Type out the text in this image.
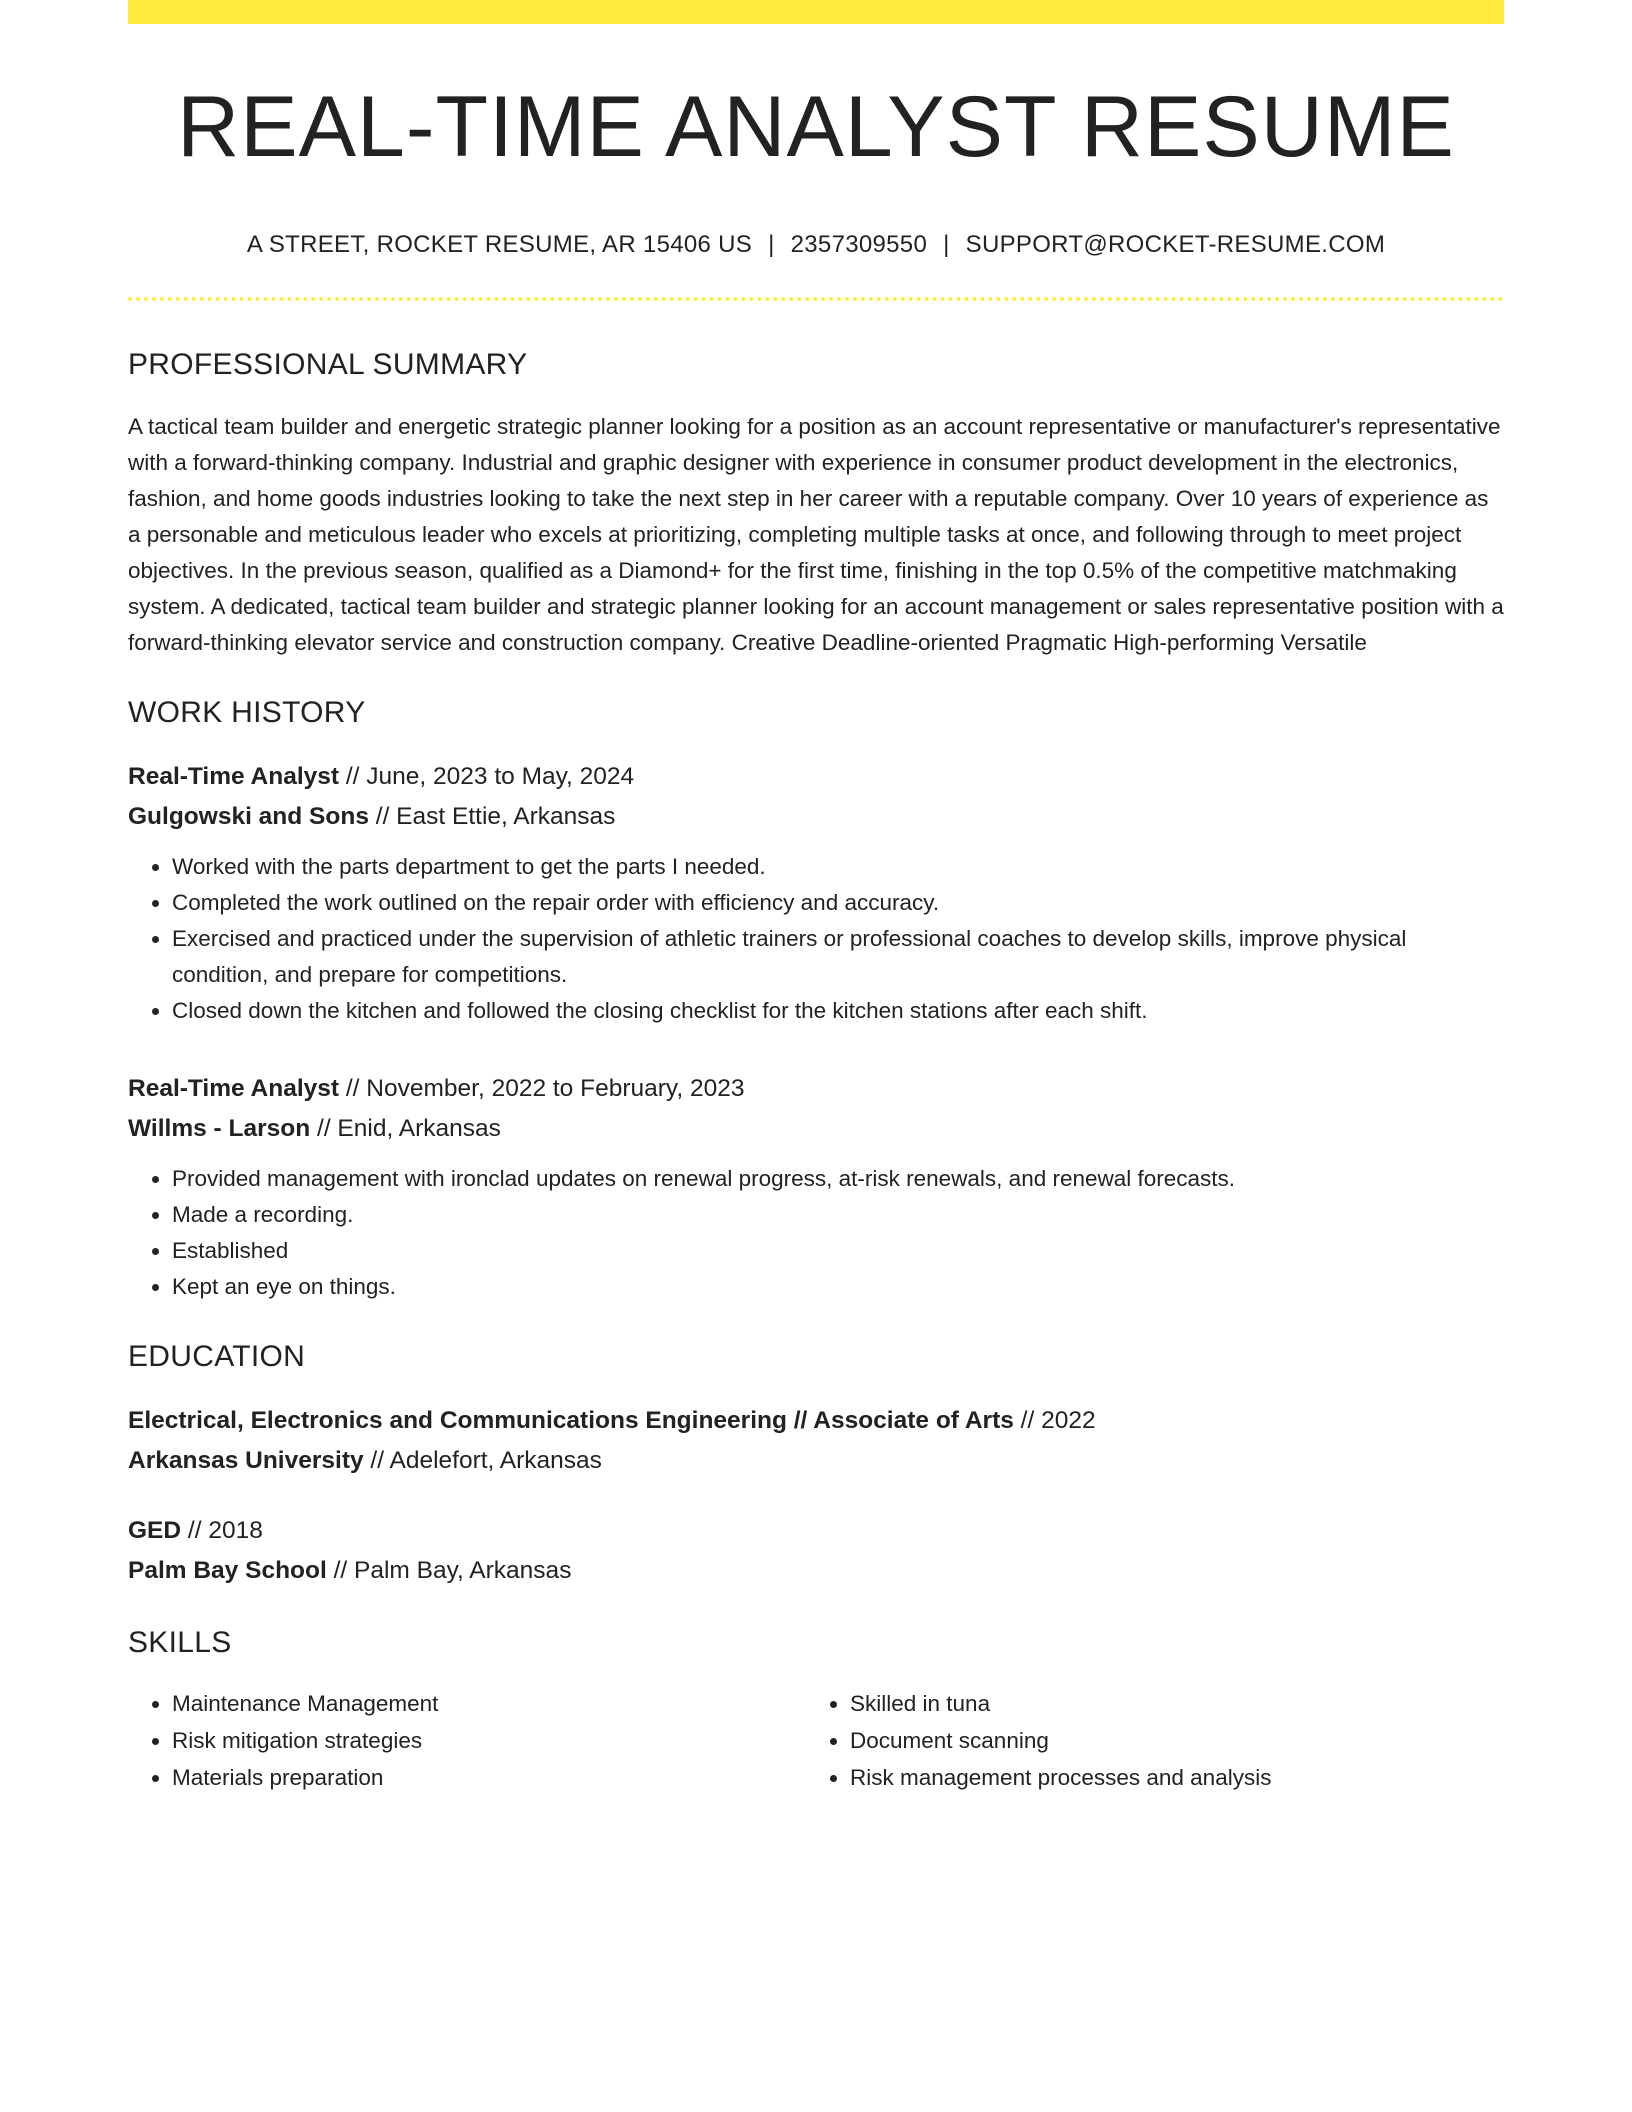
REAL-TIME ANALYST RESUME
A STREET, ROCKET RESUME, AR 15406 US | 2357309550 | SUPPORT@ROCKET-RESUME.COM
PROFESSIONAL SUMMARY

A tactical team builder and energetic strategic planner looking for a position as an account representative or manufacturer's representative with a forward-thinking company. Industrial and graphic designer with experience in consumer product development in the electronics, fashion, and home goods industries looking to take the next step in her career with a reputable company. Over 10 years of experience as a personable and meticulous leader who excels at prioritizing, completing multiple tasks at once, and following through to meet project objectives. In the previous season, qualified as a Diamond+ for the first time, finishing in the top 0.5% of the competitive matchmaking system. A dedicated, tactical team builder and strategic planner looking for an account management or sales representative position with a forward-thinking elevator service and construction company. Creative Deadline-oriented Pragmatic High-performing Versatile

WORK HISTORY
Real-Time Analyst // June, 2023 to May, 2024
Gulgowski and Sons // East Ettie, Arkansas
• Worked with the parts department to get the parts I needed.
• Completed the work outlined on the repair order with efficiency and accuracy.
• Exercised and practiced under the supervision of athletic trainers or professional coaches to develop skills, improve physical condition, and prepare for competitions.
• Closed down the kitchen and followed the closing checklist for the kitchen stations after each shift.
Real-Time Analyst // November, 2022 to February, 2023
Willms - Larson // Enid, Arkansas
• Provided management with ironclad updates on renewal progress, at-risk renewals, and renewal forecasts.
• Made a recording.
• Established
• Kept an eye on things.
EDUCATION
Electrical, Electronics and Communications Engineering // Associate of Arts // 2022
Arkansas University // Adelefort, Arkansas
GED // 2018
Palm Bay School // Palm Bay, Arkansas
SKILLS
• Maintenance Management
• Risk mitigation strategies
• Materials preparation
• Skilled in tuna
• Document scanning
• Risk management processes and analysis
